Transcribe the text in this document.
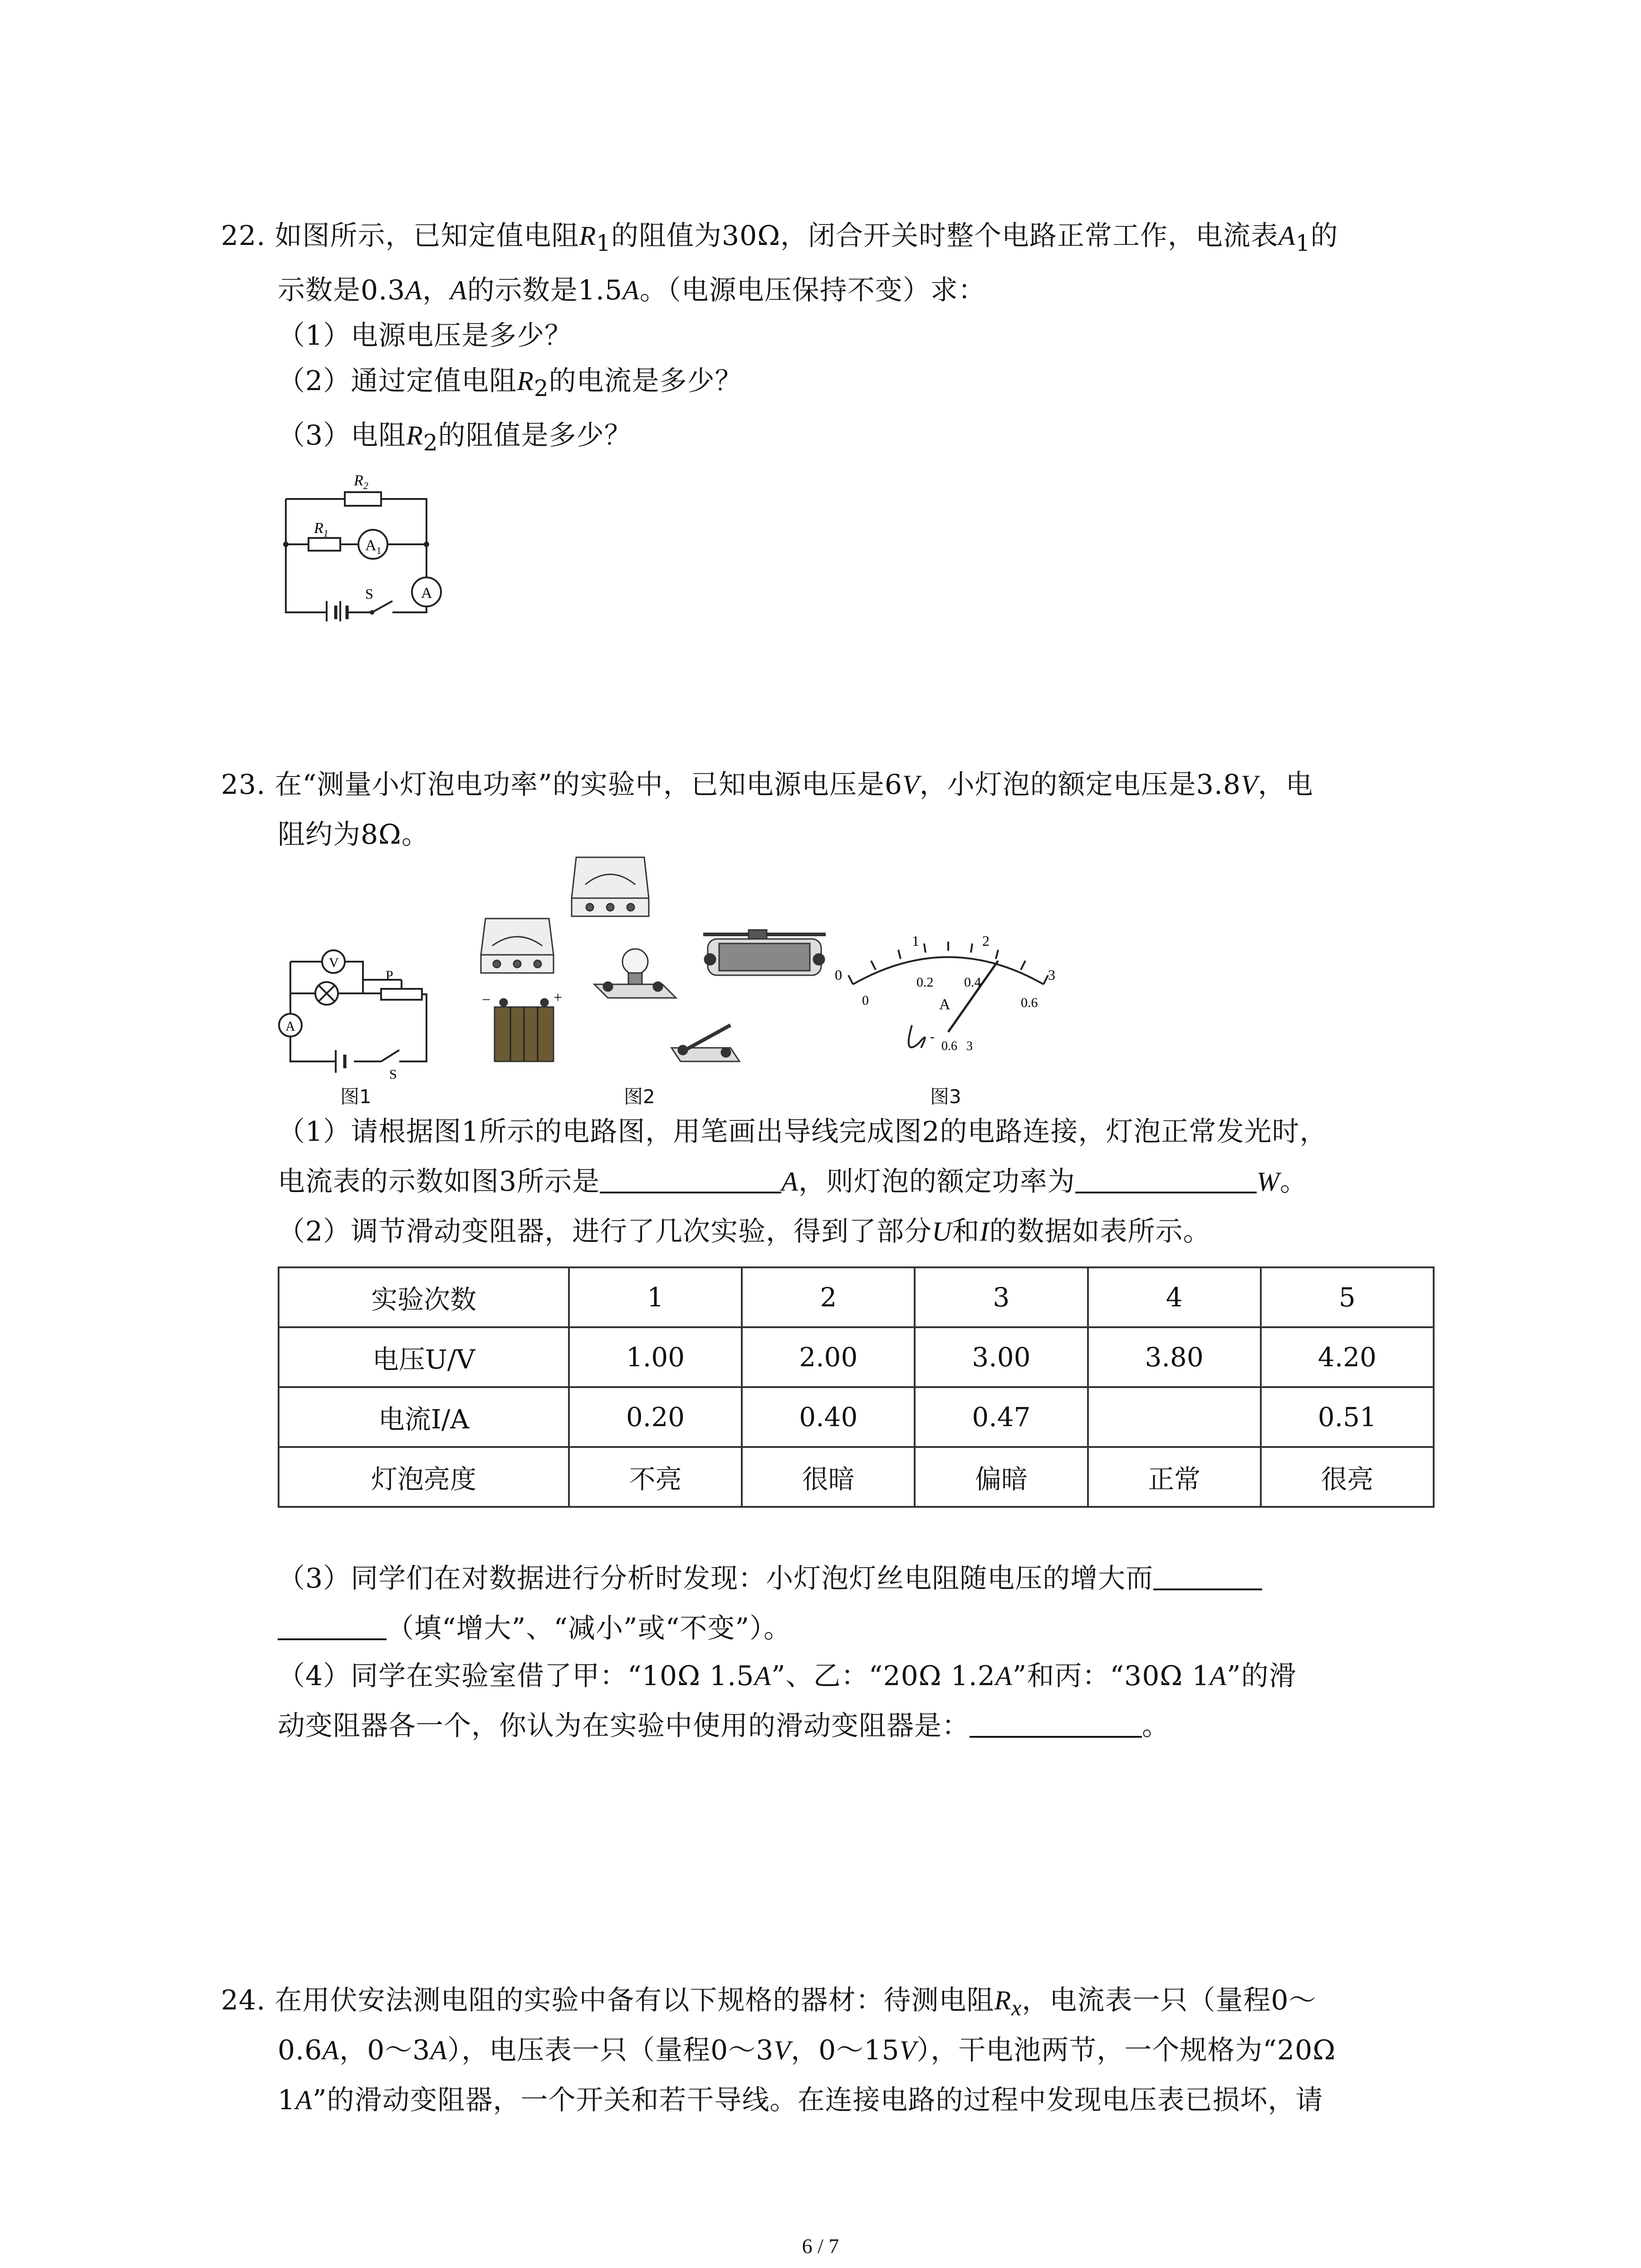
22. 如图所示，已知定值电阻$R_1$的阻值为30Ω，闭合开关时整个电路正常工作，电流表$A_1$的
示数是0.3A，A的示数是1.5A。（电源电压保持不变）求：
（1）电源电压是多少？
（2）通过定值电阻$R_2$的电流是多少？
（3）电阻$R_2$的阻值是多少？
$R_2$
$R_1$
$A_1$
A
S
23. 在“测量小灯泡电功率”的实验中，已知电源电压是6V，小灯泡的额定电压是3.8V，电
阻约为8Ω。
V
A
P
S
图1
−	+
图2
0
1	2
3
0
0.2 0.4
0.6
A
-
0.6 3
图3
（1）请根据图1所示的电路图，用笔画出导线完成图2的电路连接，灯泡正常发光时，
电流表的示数如图3所示是	A，则灯泡的额定功率为	W。
（2）调节滑动变阻器，进行了几次实验，得到了部分U和I的数据如表所示。
实验次数	1	2	3	4	5
电压U/V	1.00	2.00	3.00	3.80	4.20
电流I/A	0.20	0.40	0.47		0.51
灯泡亮度	不亮	很暗	偏暗	正常	很亮
（3）同学们在对数据进行分析时发现：小灯泡灯丝电阻随电压的增大而
（填“增大”、“减小”或“不变”）。
（4）同学在实验室借了甲：“10Ω 1.5A”、乙：“20Ω 1.2A”和丙：“30Ω 1A”的滑
动变阻器各一个，你认为在实验中使用的滑动变阻器是：	。
24. 在用伏安法测电阻的实验中备有以下规格的器材：待测电阻$R_x$，电流表一只（量程0～
0.6A，0～3A），电压表一只（量程0～3V，0～15V），干电池两节，一个规格为“20Ω
1A”的滑动变阻器，一个开关和若干导线。在连接电路的过程中发现电压表已损坏，请
6 / 7
